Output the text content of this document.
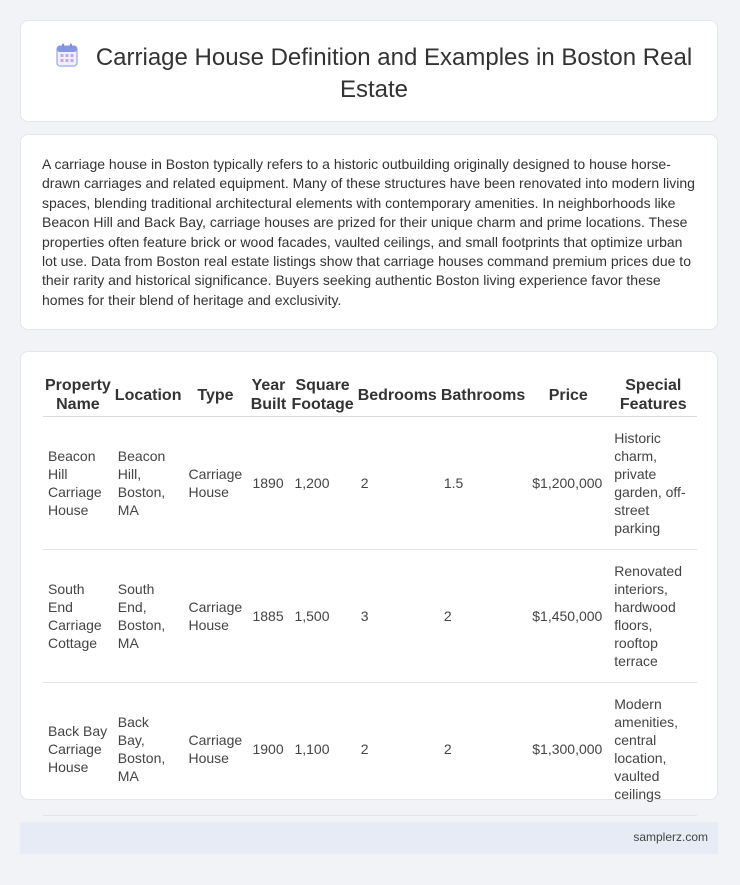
Carriage House Definition and Examples in Boston Real Estate

A carriage house in Boston typically refers to a historic outbuilding originally designed to house horse-drawn carriages and related equipment. Many of these structures have been renovated into modern living spaces, blending traditional architectural elements with contemporary amenities. In neighborhoods like Beacon Hill and Back Bay, carriage houses are prized for their unique charm and prime locations. These properties often feature brick or wood facades, vaulted ceilings, and small footprints that optimize urban lot use. Data from Boston real estate listings show that carriage houses command premium prices due to their rarity and historical significance. Buyers seeking authentic Boston living experience favor these homes for their blend of heritage and exclusivity.

Property Name	Location	Type	Year Built	Square Footage	Bedrooms	Bathrooms	Price	Special Features
Beacon Hill Carriage House	Beacon Hill, Boston, MA	Carriage House	1890	1,200	2	1.5	$1,200,000	Historic charm, private garden, off-street parking
South End Carriage Cottage	South End, Boston, MA	Carriage House	1885	1,500	3	2	$1,450,000	Renovated interiors, hardwood floors, rooftop terrace
Back Bay Carriage House	Back Bay, Boston, MA	Carriage House	1900	1,100	2	2	$1,300,000	Modern amenities, central location, vaulted ceilings
samplerz.com
